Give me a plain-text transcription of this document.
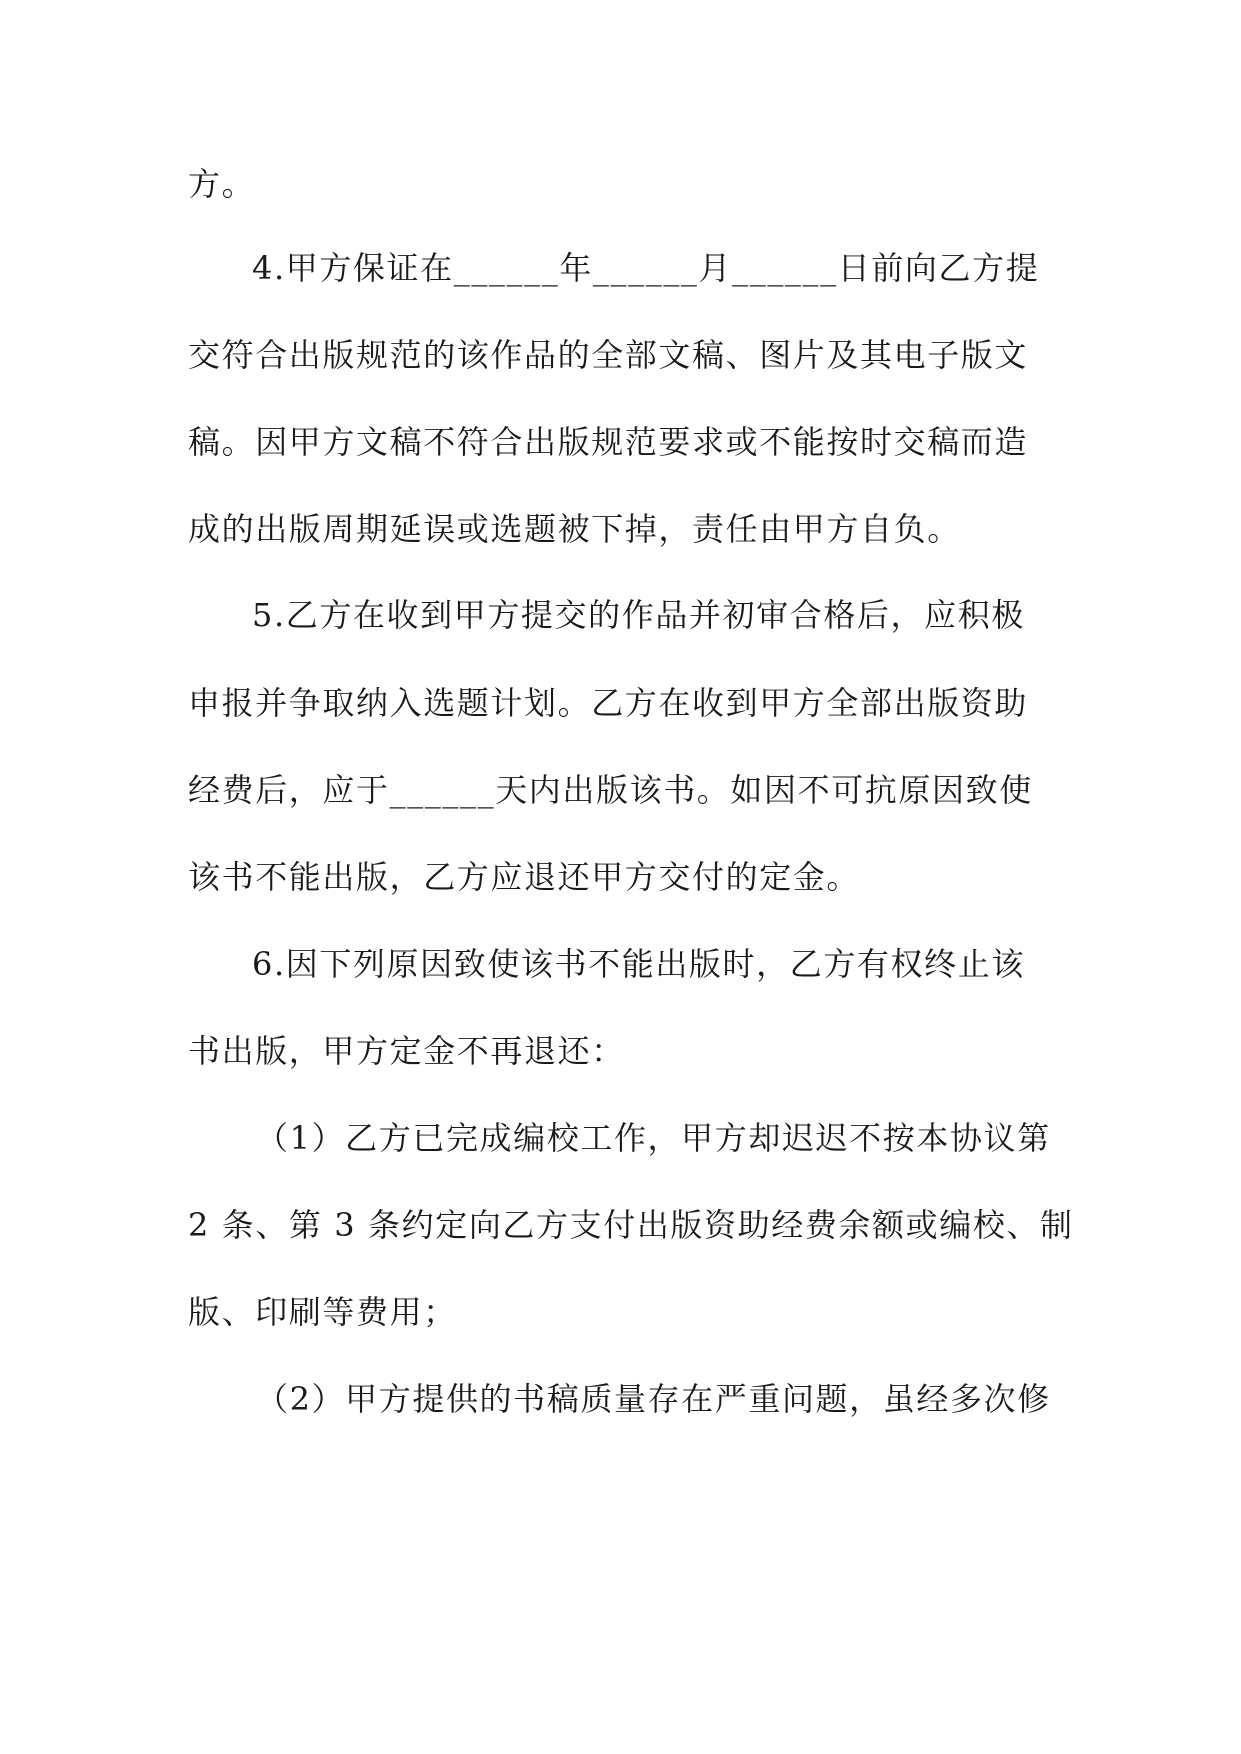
方。
4.甲方保证在______年______月______日前向乙方提
交符合出版规范的该作品的全部文稿、图片及其电子版文
稿。因甲方文稿不符合出版规范要求或不能按时交稿而造
成的出版周期延误或选题被下掉，责任由甲方自负。
5.乙方在收到甲方提交的作品并初审合格后，应积极
申报并争取纳入选题计划。乙方在收到甲方全部出版资助
经费后，应于______天内出版该书。如因不可抗原因致使
该书不能出版，乙方应退还甲方交付的定金。
6.因下列原因致使该书不能出版时，乙方有权终止该
书出版，甲方定金不再退还：
（1）乙方已完成编校工作，甲方却迟迟不按本协议第
2 条、第 3 条约定向乙方支付出版资助经费余额或编校、制
版、印刷等费用；
（2）甲方提供的书稿质量存在严重问题，虽经多次修
